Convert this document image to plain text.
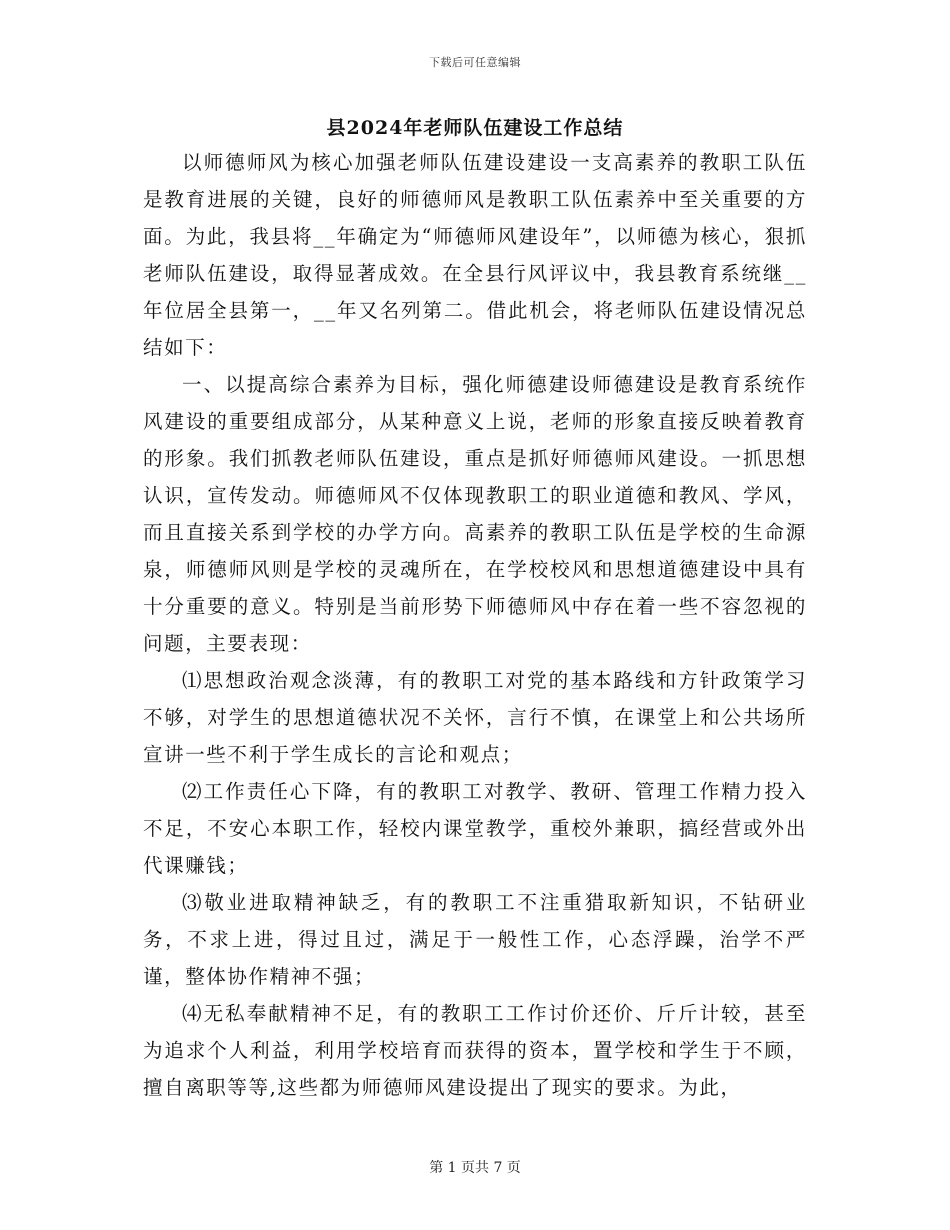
下载后可任意编辑
县2024年老师队伍建设工作总结

以师德师风为核心加强老师队伍建设建设一支高素养的教职工队伍是教育进展的关键，良好的师德师风是教职工队伍素养中至关重要的方面。为此，我县将__年确定为“师德师风建设年”，以师德为核心，狠抓老师队伍建设，取得显著成效。在全县行风评议中，我县教育系统继__年位居全县第一，__年又名列第二。借此机会，将老师队伍建设情况总结如下：

一、以提高综合素养为目标，强化师德建设师德建设是教育系统作风建设的重要组成部分，从某种意义上说，老师的形象直接反映着教育的形象。我们抓教老师队伍建设，重点是抓好师德师风建设。一抓思想认识，宣传发动。师德师风不仅体现教职工的职业道德和教风、学风，而且直接关系到学校的办学方向。高素养的教职工队伍是学校的生命源泉，师德师风则是学校的灵魂所在，在学校校风和思想道德建设中具有十分重要的意义。特别是当前形势下师德师风中存在着一些不容忽视的问题，主要表现：

⑴思想政治观念淡薄，有的教职工对党的基本路线和方针政策学习不够，对学生的思想道德状况不关怀，言行不慎，在课堂上和公共场所宣讲一些不利于学生成长的言论和观点；

⑵工作责任心下降，有的教职工对教学、教研、管理工作精力投入不足，不安心本职工作，轻校内课堂教学，重校外兼职，搞经营或外出代课赚钱；

⑶敬业进取精神缺乏，有的教职工不注重猎取新知识，不钻研业务，不求上进，得过且过，满足于一般性工作，心态浮躁，治学不严谨，整体协作精神不强；

⑷无私奉献精神不足，有的教职工工作讨价还价、斤斤计较，甚至为追求个人利益，利用学校培育而获得的资本，置学校和学生于不顾，擅自离职等等,这些都为师德师风建设提出了现实的要求。为此，

第 1 页共 7 页
